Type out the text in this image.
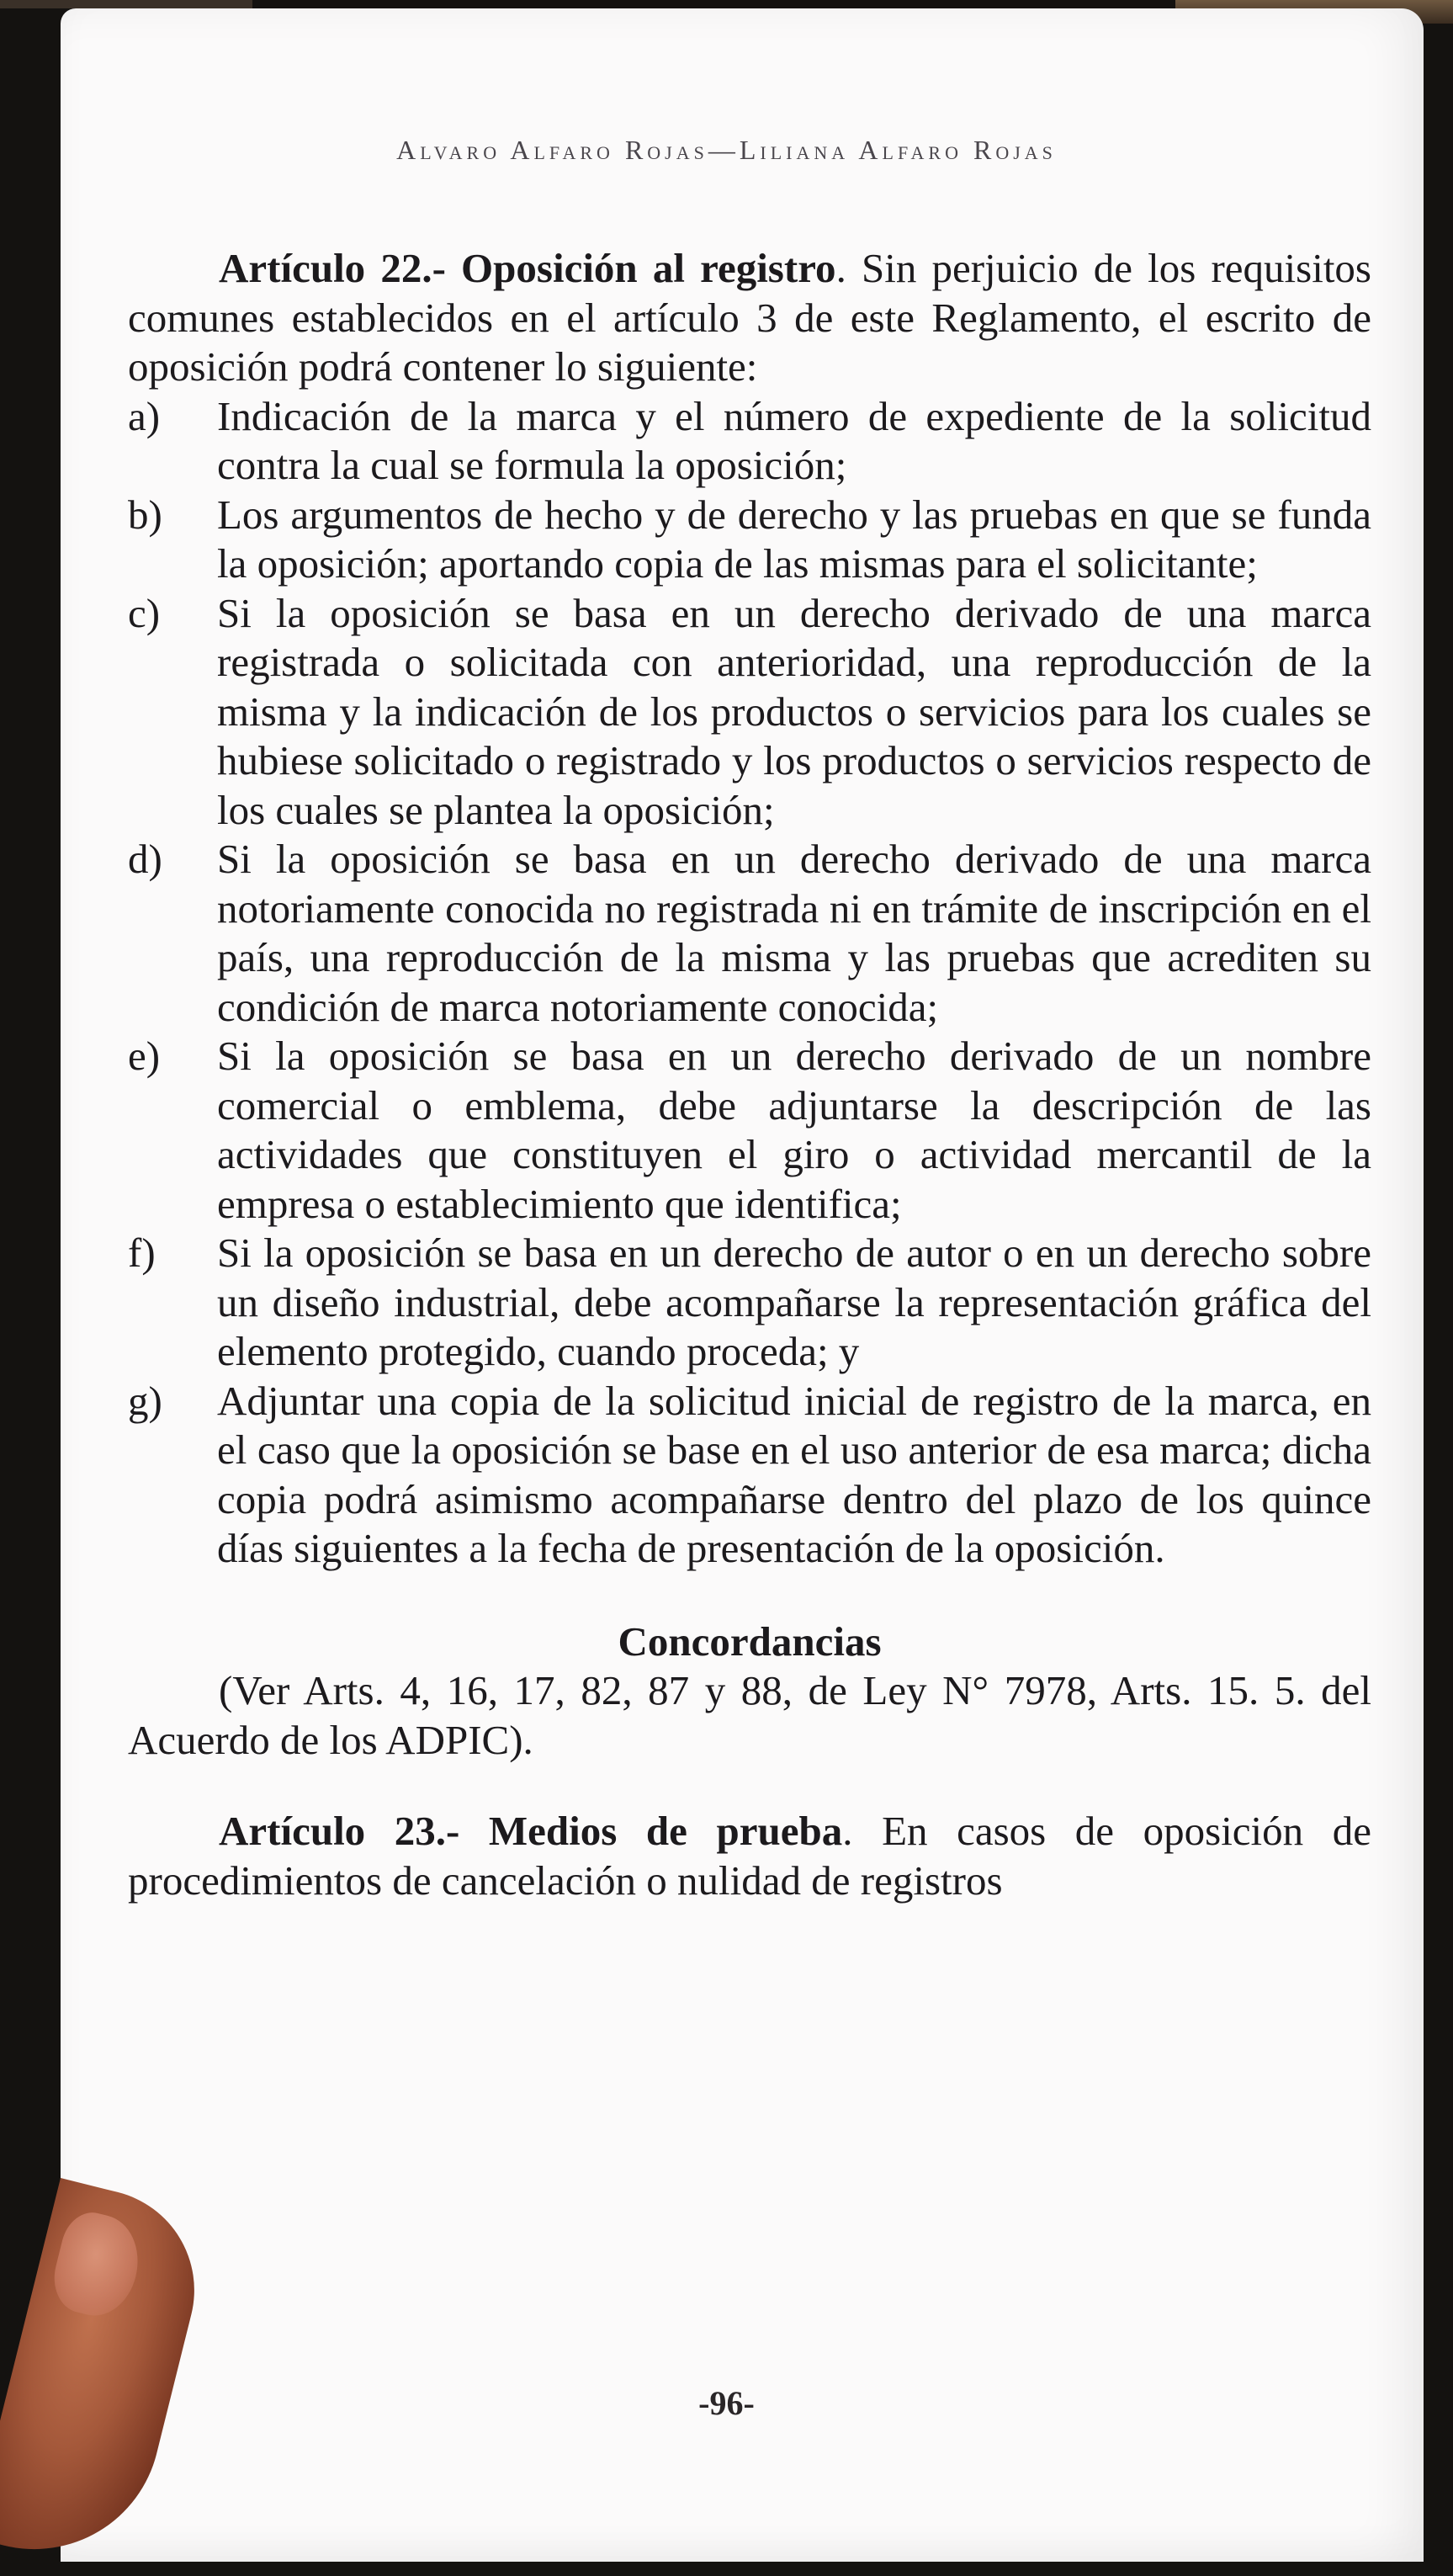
Alvaro Alfaro Rojas—Liliana Alfaro Rojas

Artículo 22.- Oposición al registro. Sin perjuicio de los requisitos comunes establecidos en el artículo 3 de este Reglamento, el escrito de oposición podrá contener lo siguiente:

a) Indicación de la marca y el número de expediente de la solicitud contra la cual se formula la oposición;
b) Los argumentos de hecho y de derecho y las pruebas en que se funda la oposición; aportando copia de las mismas para el solicitante;
c) Si la oposición se basa en un derecho derivado de una marca registrada o solicitada con anterioridad, una reproducción de la misma y la indicación de los productos o servicios para los cuales se hubiese solicitado o registrado y los productos o servicios respecto de los cuales se plantea la oposición;
d) Si la oposición se basa en un derecho derivado de una marca notoriamente conocida no registrada ni en trámite de inscripción en el país, una reproducción de la misma y las pruebas que acrediten su condición de marca notoriamente conocida;
e) Si la oposición se basa en un derecho derivado de un nombre comercial o emblema, debe adjuntarse la descripción de las actividades que constituyen el giro o actividad mercantil de la empresa o establecimiento que identifica;
f) Si la oposición se basa en un derecho de autor o en un derecho sobre un diseño industrial, debe acompañarse la representación gráfica del elemento protegido, cuando proceda; y
g) Adjuntar una copia de la solicitud inicial de registro de la marca, en el caso que la oposición se base en el uso anterior de esa marca; dicha copia podrá asimismo acompañarse dentro del plazo de los quince días siguientes a la fecha de presentación de la oposición.

Concordancias

(Ver Arts. 4, 16, 17, 82, 87 y 88, de Ley N° 7978, Arts. 15. 5. del Acuerdo de los ADPIC).

Artículo 23.- Medios de prueba. En casos de oposición de procedimientos de cancelación o nulidad de registros

-96-
